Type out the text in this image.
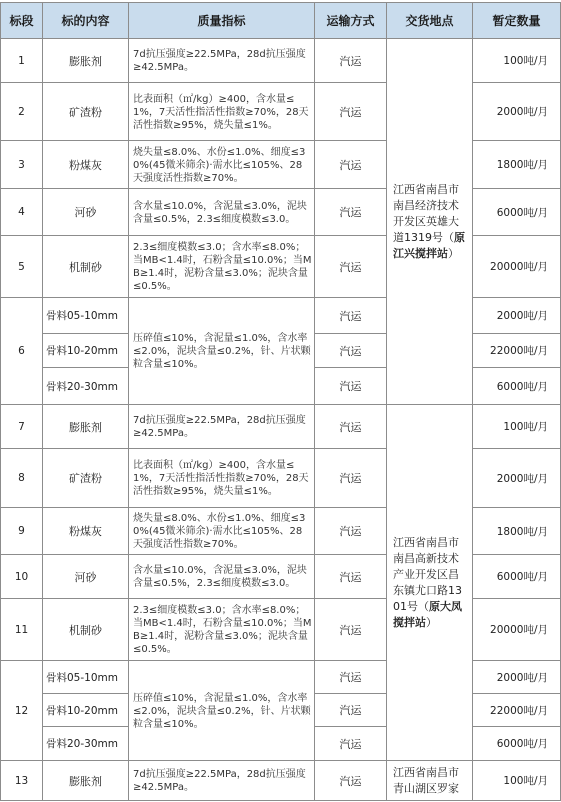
标段	标的内容	质量指标	运输方式	交货地点	暂定数量
1	膨胀剂	7d抗压强度≥22.5MPa，28d抗压强度≥42.5MPa。	汽运	江西省南昌市南昌经济技术开发区英雄大道1319号（原江兴搅拌站）	100吨/月
2	矿渣粉	比表面积（㎡/kg）≥400，含水量≤1%，7天活性指活性指数≥70%，28天活性指数≥95%，烧失量≤1%。	汽运		2000吨/月
3	粉煤灰	烧失量≤8.0%、水份≤1.0%、细度≤30%(45微米筛余)·需水比≤105%、28天强度活性指数≥70%。	汽运		1800吨/月
4	河砂	含水量≤10.0%，含泥量≤3.0%，泥块含量≤0.5%，2.3≤细度模数≤3.0。	汽运		6000吨/月
5	机制砂	2.3≤细度模数≤3.0；含水率≤8.0%；当MB<1.4时，石粉含量≤10.0%；当MB≥1.4时，泥粉含量≤3.0%；泥块含量≤0.5%。	汽运		20000吨/月
6	骨料05-10mm	压碎值≤10%，含泥量≤1.0%，含水率≤2.0%，泥块含量≤0.2%，针、片状颗粒含量≤10%。	汽运		2000吨/月
	骨料10-20mm		汽运		22000吨/月
	骨料20-30mm		汽运		6000吨/月
7	膨胀剂	7d抗压强度≥22.5MPa，28d抗压强度≥42.5MPa。	汽运	江西省南昌市南昌高新技术产业开发区昌东镇尤口路1301号（原大凤搅拌站）	100吨/月
8	矿渣粉	比表面积（㎡/kg）≥400，含水量≤1%，7天活性指活性指数≥70%，28天活性指数≥95%，烧失量≤1%。	汽运		2000吨/月
9	粉煤灰	烧失量≤8.0%、水份≤1.0%、细度≤30%(45微米筛余)·需水比≤105%、28天强度活性指数≥70%。	汽运		1800吨/月
10	河砂	含水量≤10.0%，含泥量≤3.0%，泥块含量≤0.5%，2.3≤细度模数≤3.0。	汽运		6000吨/月
11	机制砂	2.3≤细度模数≤3.0；含水率≤8.0%；当MB<1.4时，石粉含量≤10.0%；当MB≥1.4时，泥粉含量≤3.0%；泥块含量≤0.5%。	汽运		20000吨/月
12	骨料05-10mm	压碎值≤10%，含泥量≤1.0%，含水率≤2.0%，泥块含量≤0.2%，针、片状颗粒含量≤10%。	汽运		2000吨/月
	骨料10-20mm		汽运		22000吨/月
	骨料20-30mm		汽运		6000吨/月
13	膨胀剂	7d抗压强度≥22.5MPa，28d抗压强度≥42.5MPa。	汽运	江西省南昌市青山湖区罗家	100吨/月
